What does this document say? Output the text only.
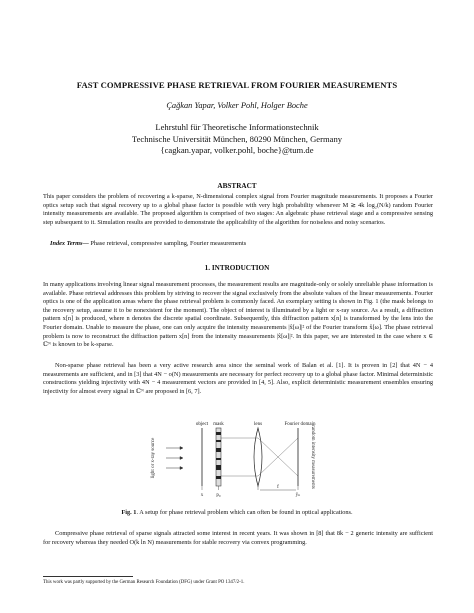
FAST COMPRESSIVE PHASE RETRIEVAL FROM FOURIER MEASUREMENTS
Çağkan Yapar, Volker Pohl, Holger Boche
Lehrstuhl für Theoretische Informationstechnik
Technische Universität München, 80290 München, Germany
{cagkan.yapar, volker.pohl, boche}@tum.de
ABSTRACT
This paper considers the problem of recovering a k-sparse, N-dimensional complex signal from Fourier magnitude measurements. It proposes a Fourier optics setup such that signal recovery up to a global phase factor is possible with very high probability whenever M ≳ 4k log₂(N/k) random Fourier intensity measurements are available. The proposed algorithm is comprised of two stages: An algebraic phase retrieval stage and a compressive sensing step subsequent to it. Simulation results are provided to demonstrate the applicability of the algorithm for noiseless and noisy scenarios.
Index Terms— Phase retrieval, compressive sampling, Fourier measurements
1. INTRODUCTION
In many applications involving linear signal measurement processes, the measurement results are magnitude-only or solely unreliable phase information is available. Phase retrieval addresses this problem by striving to recover the signal exclusively from the absolute values of the linear measurements. Fourier optics is one of the application areas where the phase retrieval problem is commonly faced. An exemplary setting is shown in Fig. 1 (the mask belongs to the recovery setup, assume it to be nonexistent for the moment). The object of interest is illuminated by a light or x-ray source. As a result, a diffraction pattern x[n] is produced, where n denotes the discrete spatial coordinate. Subsequently, this diffraction pattern x[n] is transformed by the lens into the Fourier domain. Unable to measure the phase, one can only acquire the intensity measurements |x̂[ω]|² of the Fourier transform x̂[ω]. The phase retrieval problem is now to reconstruct the diffraction pattern x[n] from the intensity measurements |x̂[ω]|². In this paper, we are interested in the case where x ∈ ℂᴺ is known to be k-sparse.
Non-sparse phase retrieval has been a very active research area since the seminal work of Balan et al. [1]. It is proven in [2] that 4N − 4 measurements are sufficient, and in [3] that 4N − o(N) measurements are necessary for perfect recovery up to a global phase factor. Minimal deterministic constructions yielding injectivity with 4N − 4 measurement vectors are provided in [4, 5]. Also, explicit deterministic measurement ensembles ensuring injectivity for almost every signal in ℂᴺ are proposed in [6, 7].
light or x-ray source
object mask	lens	Fourier domain
random intensity measurements
x	p₀
f
ŷₙ
Fig. 1. A setup for phase retrieval problem which can often be found in optical applications.
Compressive phase retrieval of sparse signals attracted some interest in recent years. It was shown in [8] that 8k − 2 generic intensity are sufficient for recovery whereas they needed O(k ln N) measurements for stable recovery via convex programming.
This work was partly supported by the German Research Foundation (DFG) under Grant PO 1347/2-1.
